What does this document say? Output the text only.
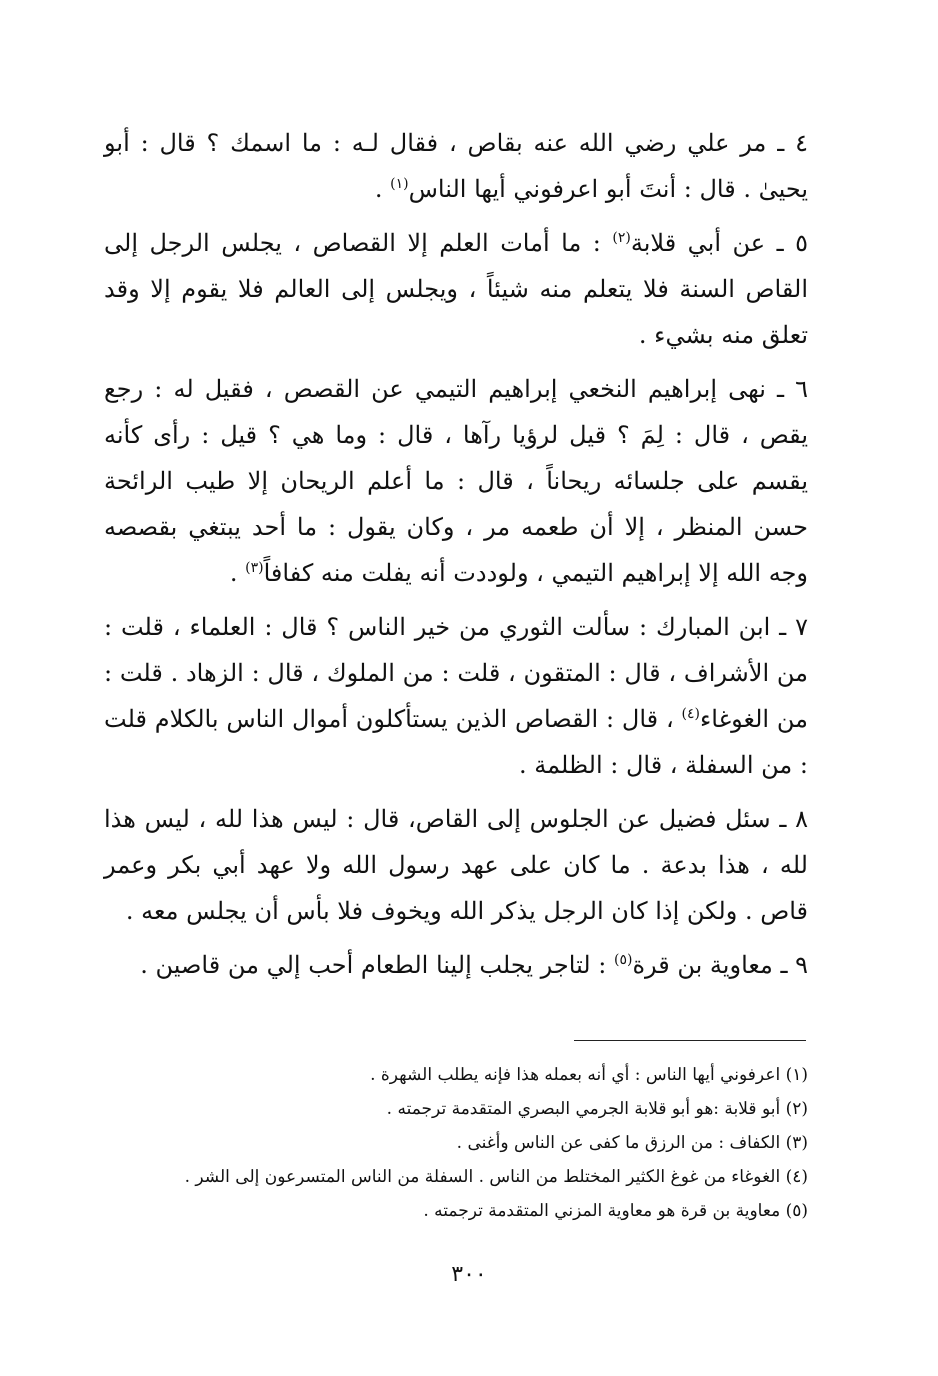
٤ ـ مر علي رضي الله عنه بقاص ، فقال لـه : ما اسمك ؟ قال : أبو يحيىٰ . قال : أنتَ أبو اعرفوني أيها الناس$^{(١)}$ .

٥ ـ عن أبي قلابة$^{(٢)}$ : ما أمات العلم إلا القصاص ، يجلس الرجل إلى القاص السنة فلا يتعلم منه شيئاً ، ويجلس إلى العالم فلا يقوم إلا وقد تعلق منه بشيء .

٦ ـ نهى إبراهيم النخعي إبراهيم التيمي عن القصص ، فقيل له : رجع يقص ، قال : لِمَ ؟ قيل لرؤيا رآها ، قال : وما هي ؟ قيل : رأى كأنه يقسم على جلسائه ريحاناً ، قال : ما أعلم الريحان إلا طيب الرائحة حسن المنظر ، إلا أن طعمه مر ، وكان يقول : ما أحد يبتغي بقصصه وجه الله إلا إبراهيم التيمي ، ولوددت أنه يفلت منه كفافاً$^{(٣)}$ .

٧ ـ ابن المبارك : سألت الثوري من خير الناس ؟ قال : العلماء ، قلت : من الأشراف ، قال : المتقون ، قلت : من الملوك ، قال : الزهاد . قلت : من الغوغاء$^{(٤)}$ ، قال : القصاص الذين يستأكلون أموال الناس بالكلام قلت : من السفلة ، قال : الظلمة .

٨ ـ سئل فضيل عن الجلوس إلى القاص، قال : ليس هذا لله ، ليس هذا لله ، هذا بدعة . ما كان على عهد رسول الله ولا عهد أبي بكر وعمر قاص . ولكن إذا كان الرجل يذكر الله ويخوف فلا بأس أن يجلس معه .

٩ ـ معاوية بن قرة$^{(٥)}$ : لتاجر يجلب إلينا الطعام أحب إلي من قاصين .

(١) اعرفوني أيها الناس : أي أنه بعمله هذا فإنه يطلب الشهرة .

(٢) أبو قلابة :هو أبو قلابة الجرمي البصري المتقدمة ترجمته .

(٣) الكفاف : من الرزق ما كفى عن الناس وأغنى .

(٤) الغوغاء من غوغ الكثير المختلط من الناس . السفلة من الناس المتسرعون إلى الشر .

(٥) معاوية بن قرة هو معاوية المزني المتقدمة ترجمته .

٣٠٠
